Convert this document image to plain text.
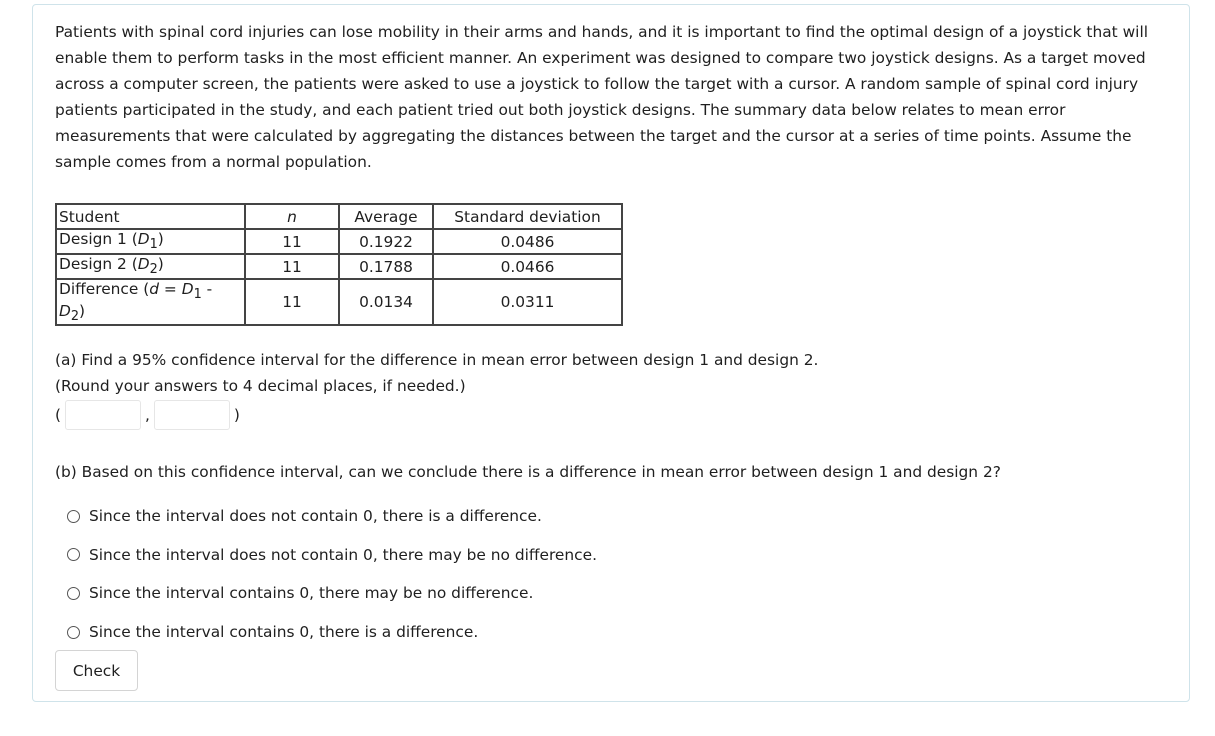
Patients with spinal cord injuries can lose mobility in their arms and hands, and it is important to find the optimal design of a joystick that will enable them to perform tasks in the most efficient manner. An experiment was designed to compare two joystick designs. As a target moved across a computer screen, the patients were asked to use a joystick to follow the target with a cursor. A random sample of spinal cord injury patients participated in the study, and each patient tried out both joystick designs. The summary data below relates to mean error measurements that were calculated by aggregating the distances between the target and the cursor at a series of time points. Assume the sample comes from a normal population.

Student	n	Average	Standard deviation
Design 1 $(D_1)$	11	0.1922	0.0486
Design 2 $(D_2)$	11	0.1788	0.0466
Difference $(d = D_1 - D_2)$	11	0.0134	0.0311
(a) Find a 95% confidence interval for the difference in mean error between design 1 and design 2.
(Round your answers to 4 decimal places, if needed.)
(	,	)
(b) Based on this confidence interval, can we conclude there is a difference in mean error between design 1 and design 2?
Since the interval does not contain 0, there is a difference.
Since the interval does not contain 0, there may be no difference.
Since the interval contains 0, there may be no difference.
Since the interval contains 0, there is a difference.
Check
